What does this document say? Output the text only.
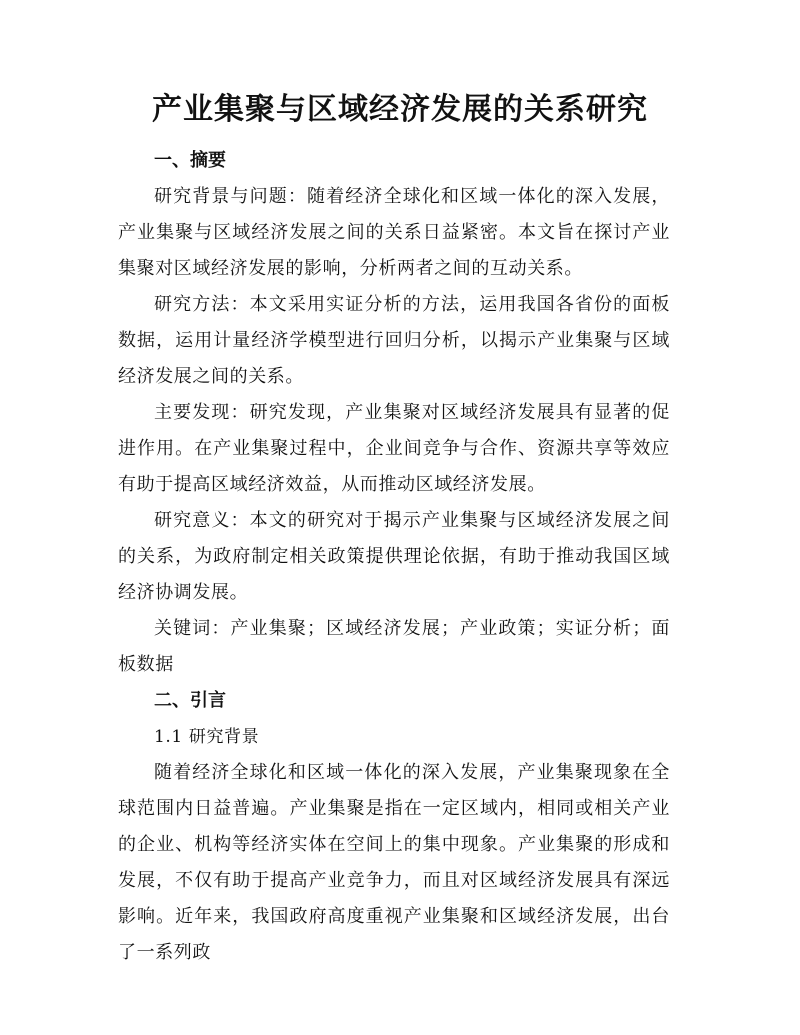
产业集聚与区域经济发展的关系研究

一、摘要

研究背景与问题：随着经济全球化和区域一体化的深入发展，产业集聚与区域经济发展之间的关系日益紧密。本文旨在探讨产业集聚对区域经济发展的影响，分析两者之间的互动关系。

研究方法：本文采用实证分析的方法，运用我国各省份的面板数据，运用计量经济学模型进行回归分析，以揭示产业集聚与区域经济发展之间的关系。

主要发现：研究发现，产业集聚对区域经济发展具有显著的促进作用。在产业集聚过程中，企业间竞争与合作、资源共享等效应有助于提高区域经济效益，从而推动区域经济发展。

研究意义：本文的研究对于揭示产业集聚与区域经济发展之间的关系，为政府制定相关政策提供理论依据，有助于推动我国区域经济协调发展。

关键词：产业集聚；区域经济发展；产业政策；实证分析；面板数据

二、引言

1.1 研究背景

随着经济全球化和区域一体化的深入发展，产业集聚现象在全球范围内日益普遍。产业集聚是指在一定区域内，相同或相关产业的企业、机构等经济实体在空间上的集中现象。产业集聚的形成和发展，不仅有助于提高产业竞争力，而且对区域经济发展具有深远影响。近年来，我国政府高度重视产业集聚和区域经济发展，出台了一系列政
